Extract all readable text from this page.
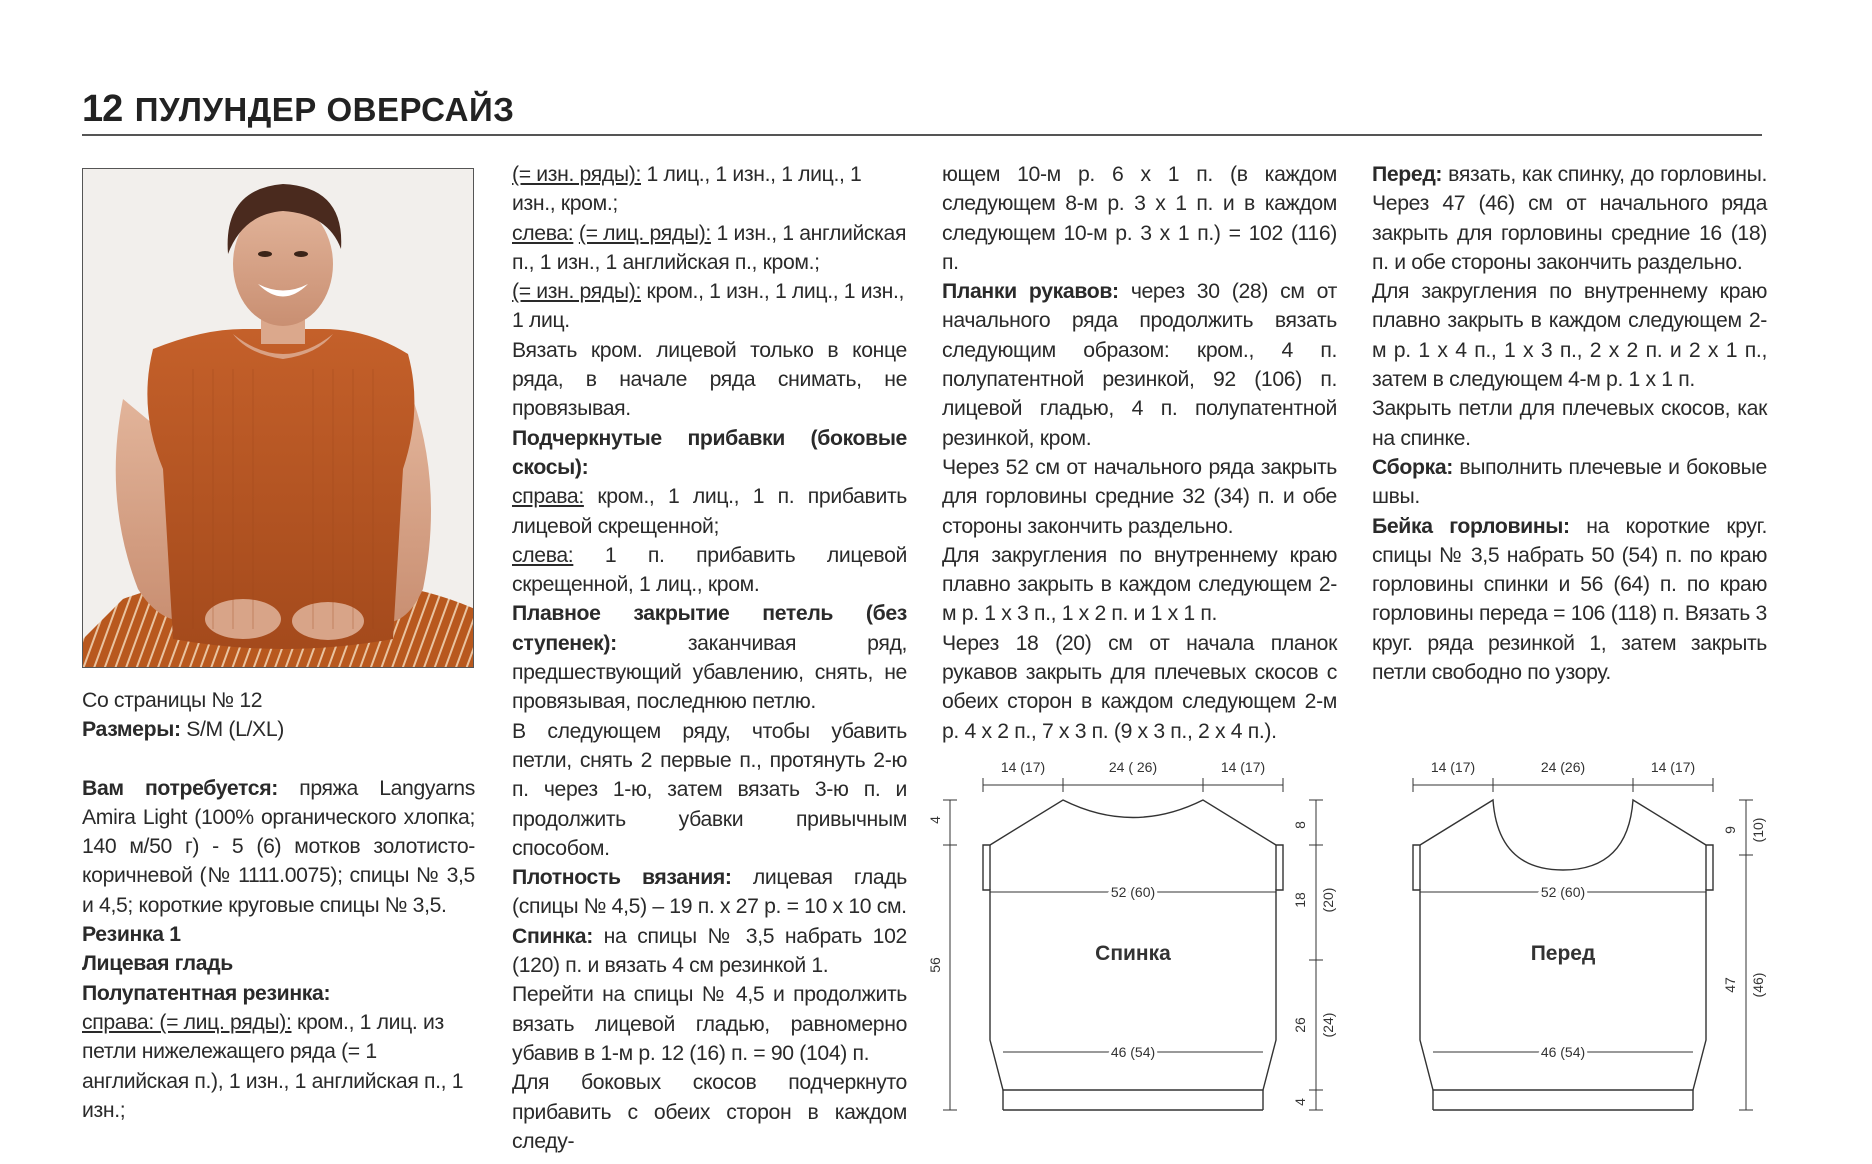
12 ПУЛУНДЕР ОВЕРСАЙЗ

Со страницы № 12

Размеры: S/M (L/XL)

Вам потребуется: пряжа Langyarns Amira Light (100% органического хлопка; 140 м/50 г) - 5 (6) мотков золотисто-коричневой (№ 1111.0075); спицы № 3,5 и 4,5; короткие круговые спицы № 3,5.

Резинка 1

Лицевая гладь

Полупатентная резинка:

справа: (= лиц. ряды): кром., 1 лиц. из петли нижележащего ряда (= 1 английская п.), 1 изн., 1 английская п., 1 изн.;

(= изн. ряды): 1 лиц., 1 изн., 1 лиц., 1 изн., кром.;

слева: (= лиц. ряды): 1 изн., 1 английская п., 1 изн., 1 английская п., кром.;

(= изн. ряды): кром., 1 изн., 1 лиц., 1 изн., 1 лиц.

Вязать кром. лицевой только в конце ряда, в начале ряда снимать, не провязывая.

Подчеркнутые прибавки (боковые скосы):

справа: кром., 1 лиц., 1 п. прибавить лицевой скрещенной;

слева: 1 п. прибавить лицевой скрещенной, 1 лиц., кром.

Плавное закрытие петель (без ступенек):	заканчивая ряд, предшествующий убавлению, снять, не провязывая, последнюю петлю.

В следующем ряду, чтобы убавить петли, снять 2 первые п., протянуть 2-ю п. через 1-ю, затем вязать 3-ю п. и продолжить убавки привычным способом.

Плотность вязания: лицевая гладь (спицы № 4,5) – 19 п. х 27 р. = 10 х 10 см.

Спинка: на спицы № 3,5 набрать 102 (120) п. и вязать 4 см резинкой 1.

Перейти на спицы № 4,5 и продолжить вязать лицевой гладью, равномерно убавив в 1-м р. 12 (16) п. = 90 (104) п.

Для боковых скосов подчеркнуто прибавить с обеих сторон в каждом следу-

ющем 10-м р. 6 х 1 п. (в каждом следующем 8-м р. 3 х 1 п. и в каждом следующем 10-м р. 3 х 1 п.) = 102 (116) п.

Планки рукавов: через 30 (28) см от начального ряда продолжить вязать следующим образом: кром., 4 п. полупатентной резинкой, 92 (106) п. лицевой гладью, 4 п. полупатентной резинкой, кром.

Через 52 см от начального ряда закрыть для горловины средние 32 (34) п. и обе стороны закончить раздельно.

Для закругления по внутреннему краю плавно закрыть в каждом следующем 2-м р. 1 х 3 п., 1 х 2 п. и 1 х 1 п.

Через 18 (20) см от начала планок рукавов закрыть для плечевых скосов с обеих сторон в каждом следующем 2-м р. 4 х 2 п., 7 х 3 п. (9 х 3 п., 2 х 4 п.).

Перед: вязать, как спинку, до горловины. Через 47 (46) см от начального ряда закрыть для горловины средние 16 (18) п. и обе стороны закончить раздельно.

Для закругления по внутреннему краю плавно закрыть в каждом следующем 2-м р. 1 х 4 п., 1 х 3 п., 2 х 2 п. и 2 х 1 п., затем в следующем 4-м р. 1 х 1 п.

Закрыть петли для плечевых скосов, как на спинке.

Сборка: выполнить плечевые и боковые швы.

Бейка горловины: на короткие круг. спицы № 3,5 набрать 50 (54) п. по краю горловины спинки и 56 (64) п. по краю горловины переда = 106 (118) п. Вязать 3 круг. ряда резинкой 1, затем закрыть петли свободно по узору.

14 (17)	24 ( 26)	14 (17)
52 (60)
46 (54)
Спинка
4
56
8
18 (20)
26 (24)
4
14 (17)	24 (26)	14 (17)
52 (60)
46 (54)
Перед
9 (10)
47 (46)
